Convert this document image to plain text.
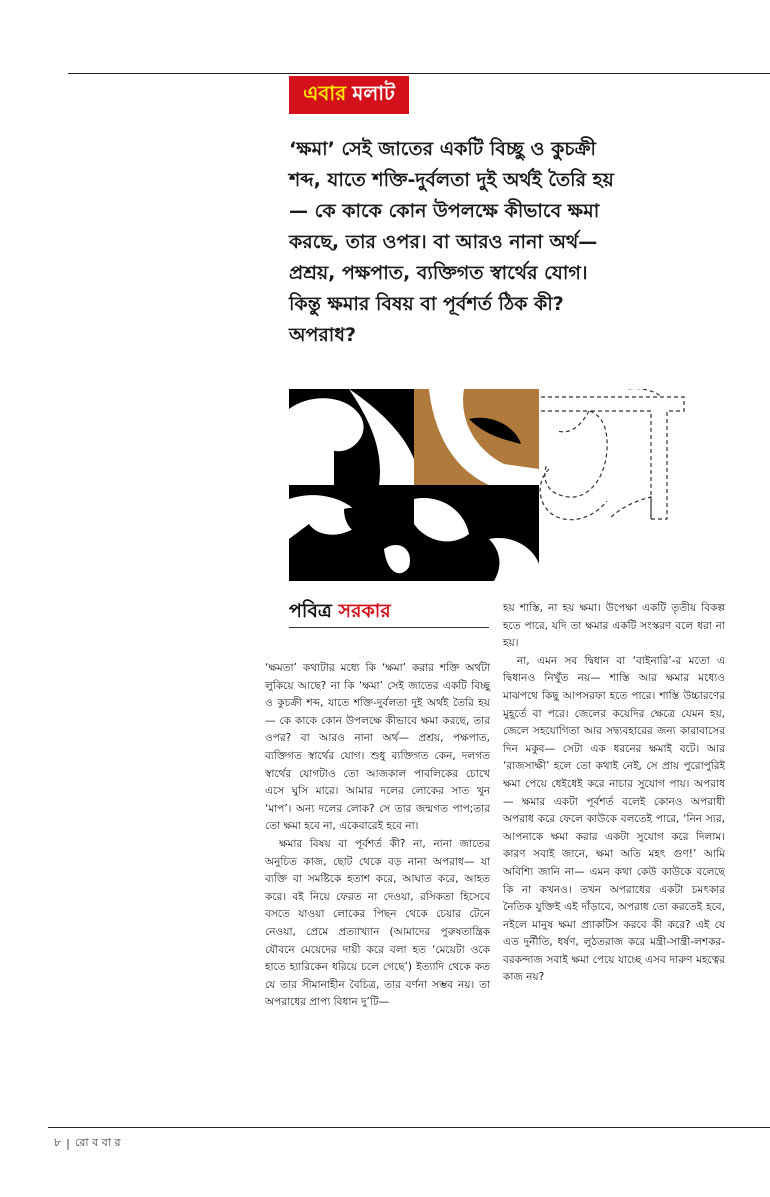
এবার মলাট
‘ক্ষমা’ সেই জাতের একটি বিচ্ছু ও কুচক্রী শব্দ, যাতে শক্তি-দুর্বলতা দুই অর্থই তৈরি হয়— কে কাকে কোন উপলক্ষে কীভাবে ক্ষমা করছে, তার ওপর। বা আরও নানা অর্থ— প্রশ্রয়, পক্ষপাত, ব্যক্তিগত স্বার্থের যোগ। কিন্তু ক্ষমার বিষয় বা পূর্বশর্ত ঠিক কী? অপরাধ?
পবিত্র সরকার

‘ক্ষমতা’ কথাটার মধ্যে কি ‘ক্ষমা’ করার শক্তি অর্থটা লুকিয়ে আছে? না কি ‘ক্ষমা’ সেই জাতের একটি বিচ্ছু ও কুচক্রী শব্দ, যাতে শক্তি-দুর্বলতা দুই অর্থই তৈরি হয়— কে কাকে কোন উপলক্ষে কীভাবে ক্ষমা করছে, তার ওপর? বা আরও নানা অর্থ— প্রশ্রয়, পক্ষপাত, ব্যক্তিগত স্বার্থের যোগ। শুধু ব্যক্তিগত কেন, দলগত স্বার্থের যোগটাও তো আজকাল পাবলিকের চোখে এসে ঘুসি মারে। আমার দলের লোকের সাত খুন ‘মাপ’। অন্য দলের লোক? সে তার জন্মগত পাপ;তার তো ক্ষমা হবে না, একেবারেই হবে না।

ক্ষমার বিষয় বা পূর্বশর্ত কী? না, নানা জাতের অনুচিত কাজ, ছোট থেকে বড় নানা অপরাধ— যা ব্যক্তি বা সমষ্টিকে হতাশ করে, আঘাত করে, আহত করে। বই নিয়ে ফেরত না দেওয়া, রসিকতা হিসেবে বসতে যাওয়া লোকের পিছন থেকে চেয়ার টেনে নেওয়া, প্রেমে প্রত্যাখ্যান (আমাদের পুরুষতান্ত্রিক যৌবনে মেয়েদের দায়ী করে বলা হত ‘মেয়েটা ওকে হাতে হ্যারিকেন ধরিয়ে চলে গেছে’) ইত্যাদি থেকে কত যে তার সীমানাহীন বৈচিত্র, তার বর্ণনা সম্ভব নয়। তা অপরাধের প্রাপ্য বিধান দু’টি—

হয় শাস্তি, না হয় ক্ষমা। উপেক্ষা একটি তৃতীয় বিকল্প হতে পারে, যদি তা ক্ষমার একটি সংস্করণ বলে ধরা না হয়।

না, এমন সব দ্বিধান বা ‘বাইনারি’-র মতো এ দ্বিধানও নিখুঁত নয়— শাস্তি আর ক্ষমার মধ্যেও মাঝপথে কিছু আপসরফা হতে পারে। শাস্তি উচ্চারণের মুহূর্তে বা পরে। জেলের কয়েদির ক্ষেত্রে যেমন হয়, জেলে সহযোগিতা আর সদ্ব্যবহারের জন্য কারাবাসের দিন মকুব— সেটা এক ধরনের ক্ষমাই বটে। আর ‘রাজসাক্ষী’ হলে তো কথাই নেই, সে প্রায় পুরোপুরিই ক্ষমা পেয়ে ধেইধেই করে নাচার সুযোগ পায়। অপরাধ— ক্ষমার একটা পূর্বশর্ত বলেই কোনও অপরাধী অপরাধ করে ফেলে কাউকে বলতেই পারে, ‘নিন স্যর, আপনাকে ক্ষমা করার একটা সুযোগ করে দিলাম। কারণ সবাই জানে, ক্ষমা অতি মহৎ গুণ!’ আমি অবিশ্যি জানি না— এমন কথা কেউ কাউকে বলেছে কি না কখনও। তখন অপরাধের একটা চমৎকার নৈতিক যুক্তিই এই দাঁড়াবে, অপরাধ তো করতেই হবে, নইলে মানুষ ক্ষমা প্র্যাকটিস করবে কী করে? এই যে এত দুর্নীতি, ধর্ষণ, লুঠতরাজ করে মন্ত্রী-সান্ত্রী-লশকর-বরকন্দাজ সবাই ক্ষমা পেয়ে যাচ্ছে এসব দারুণ মহত্বের কাজ নয়?

৮ | রো ব বা র
